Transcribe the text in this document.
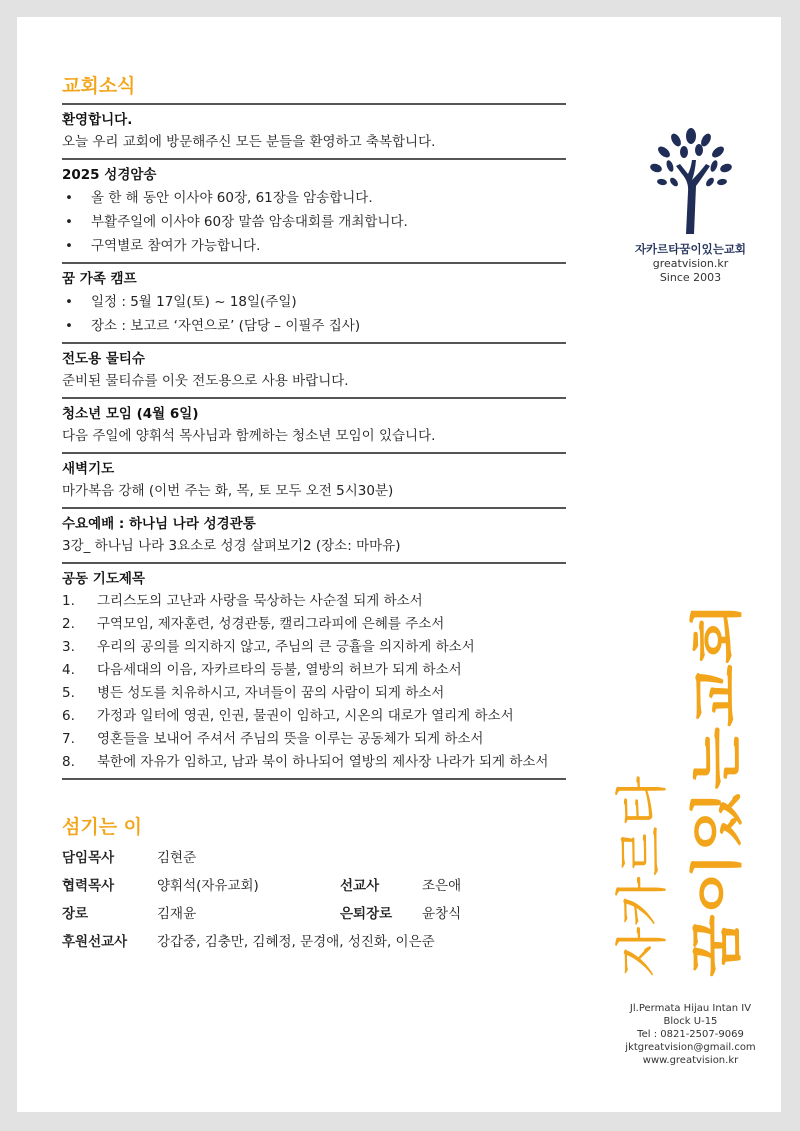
교회소식
환영합니다.
오늘 우리 교회에 방문해주신 모든 분들을 환영하고 축복합니다.
2025 성경암송
• 올 한 해 동안 이사야 60장, 61장을 암송합니다.
• 부활주일에 이사야 60장 말씀 암송대회를 개최합니다.
• 구역별로 참여가 가능합니다.
꿈 가족 캠프
• 일정 : 5월 17일(토) ~ 18일(주일)
• 장소 : 보고르 ‘자연으로’ (담당 – 이필주 집사)
전도용 물티슈
준비된 물티슈를 이웃 전도용으로 사용 바랍니다.
청소년 모임 (4월 6일)
다음 주일에 양휘석 목사님과 함께하는 청소년 모임이 있습니다.
새벽기도
마가복음 강해 (이번 주는 화, 목, 토 모두 오전 5시30분)
수요예배 : 하나님 나라 성경관통
3강_ 하나님 나라 3요소로 성경 살펴보기2 (장소: 마마유)
공동 기도제목
1. 그리스도의 고난과 사랑을 묵상하는 사순절 되게 하소서
2. 구역모임, 제자훈련, 성경관통, 캘리그라피에 은혜를 주소서
3. 우리의 공의를 의지하지 않고, 주님의 큰 긍휼을 의지하게 하소서
4. 다음세대의 이음, 자카르타의 등불, 열방의 허브가 되게 하소서
5. 병든 성도를 치유하시고, 자녀들이 꿈의 사람이 되게 하소서
6. 가정과 일터에 영권, 인권, 물권이 임하고, 시온의 대로가 열리게 하소서
7. 영혼들을 보내어 주셔서 주님의 뜻을 이루는 공동체가 되게 하소서
8. 북한에 자유가 임하고, 남과 북이 하나되어 열방의 제사장 나라가 되게 하소서
섬기는 이
담임목사	김현준
협력목사	양휘석(자유교회)	선교사	조은애
장로	김재윤	은퇴장로 윤창식
후원선교사 강갑중, 김충만, 김혜정, 문경애, 성진화, 이은준
자카르타꿈이있는교회
greatvision.kr
Since 2003
자카르타 꿈이있는교회
Jl.Permata Hijau Intan IV
Block U-15
Tel : 0821-2507-9069
jktgreatvision@gmail.com
www.greatvision.kr
